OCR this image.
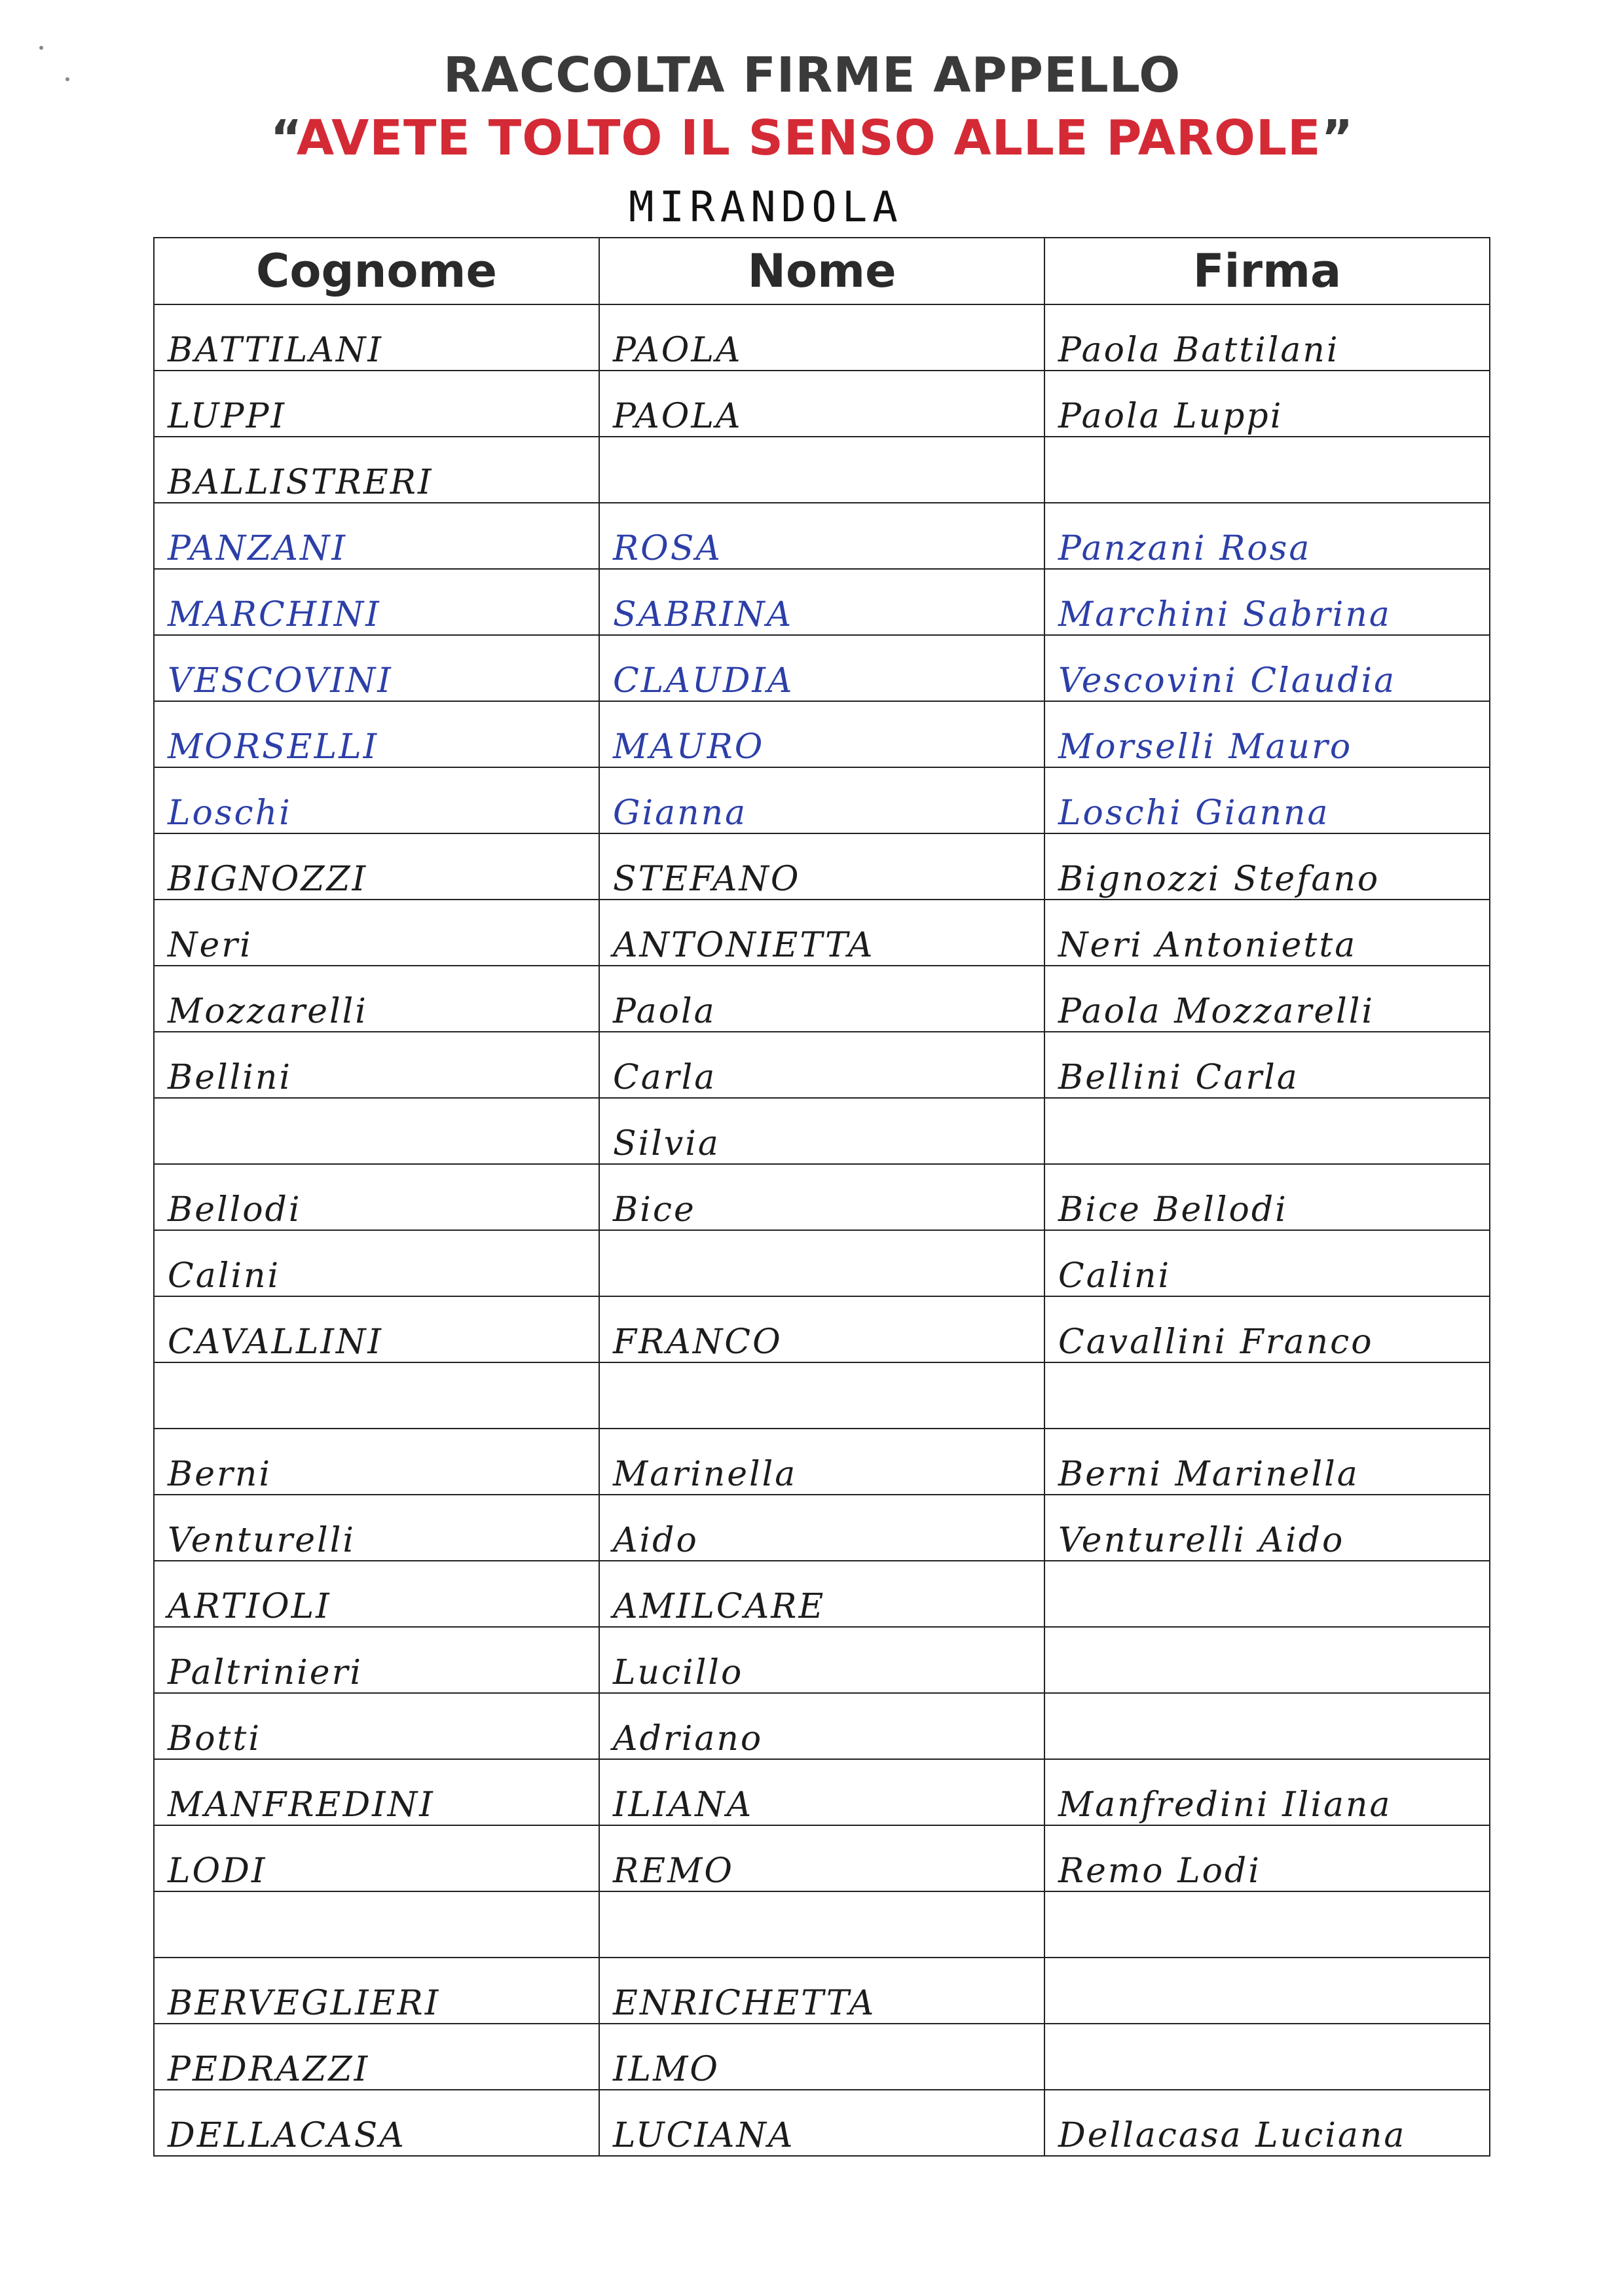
RACCOLTA FIRME APPELLO
“AVETE TOLTO IL SENSO ALLE PAROLE”
MIRANDOLA
Cognome	Nome	Firma
BATTILANI	PAOLA	Paola Battilani
LUPPI	PAOLA	Paola Luppi
BALLISTRERI		
PANZANI	ROSA	Panzani Rosa
MARCHINI	SABRINA	Marchini Sabrina
VESCOVINI	CLAUDIA	Vescovini Claudia
MORSELLI	MAURO	Morselli Mauro
Loschi	Gianna	Loschi Gianna
BIGNOZZI	STEFANO	Bignozzi Stefano
Neri	ANTONIETTA	Neri Antonietta
Mozzarelli	Paola	Paola Mozzarelli
Bellini	Carla	Bellini Carla
	Silvia	
Bellodi	Bice	Bice Bellodi
Calini		Calini
CAVALLINI	FRANCO	Cavallini Franco

Berni	Marinella	Berni Marinella
Venturelli	Aido	Venturelli Aido
ARTIOLI	AMILCARE	
Paltrinieri	Lucillo	
Botti	Adriano	
MANFREDINI	ILIANA	Manfredini Iliana
LODI	REMO	Remo Lodi

BERVEGLIERI	ENRICHETTA	
PEDRAZZI	ILMO	
DELLACASA	LUCIANA	Dellacasa Luciana
